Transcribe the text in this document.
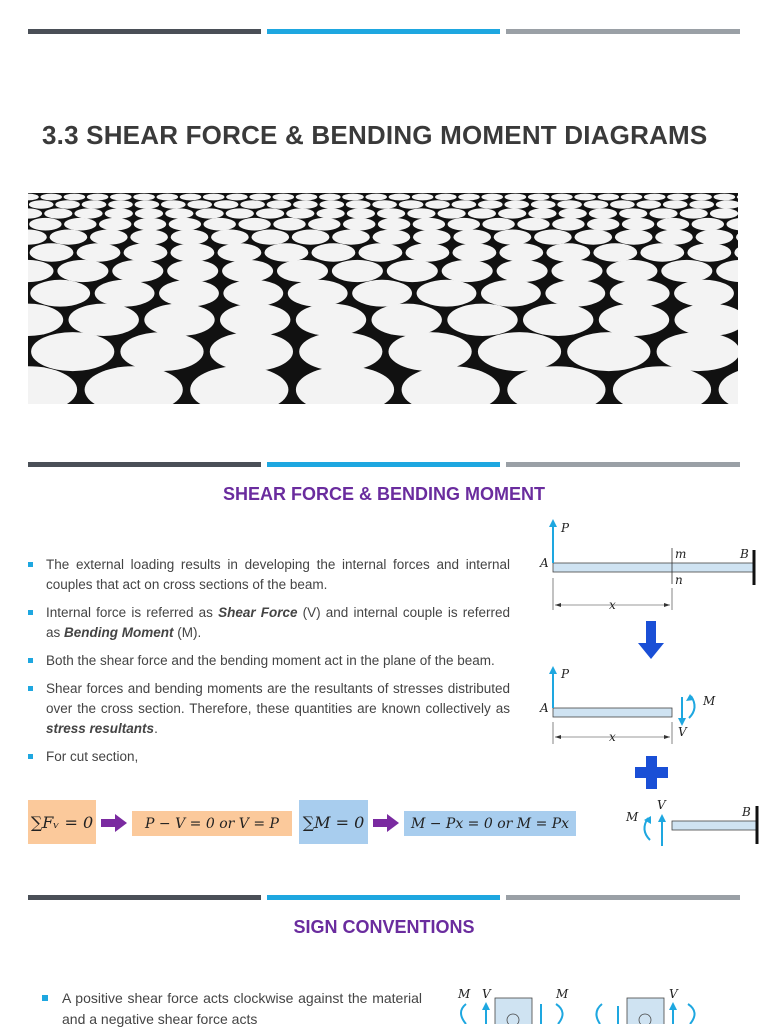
3.3 SHEAR FORCE & BENDING MOMENT DIAGRAMS
SHEAR FORCE & BENDING MOMENT
The external loading results in developing the internal forces and internal couples that act on cross sections of the beam.
Internal force is referred as Shear Force (V) and internal couple is referred as Bending Moment (M).
Both the shear force and the bending moment act in the plane of the beam.
Shear forces and bending moments are the resultants of stresses distributed over the cross section. Therefore, these quantities are known collectively as stress resultants.
For cut section,
∑Fᵥ = 0	P − V = 0 or V = P	∑M = 0	M − Px = 0 or M = Px
P
A
B
m
n
x
P
A	M
V
x
B
V
M
SIGN CONVENTIONS
A positive shear force acts clockwise against the material and a negative shear force acts
M V	M	V
